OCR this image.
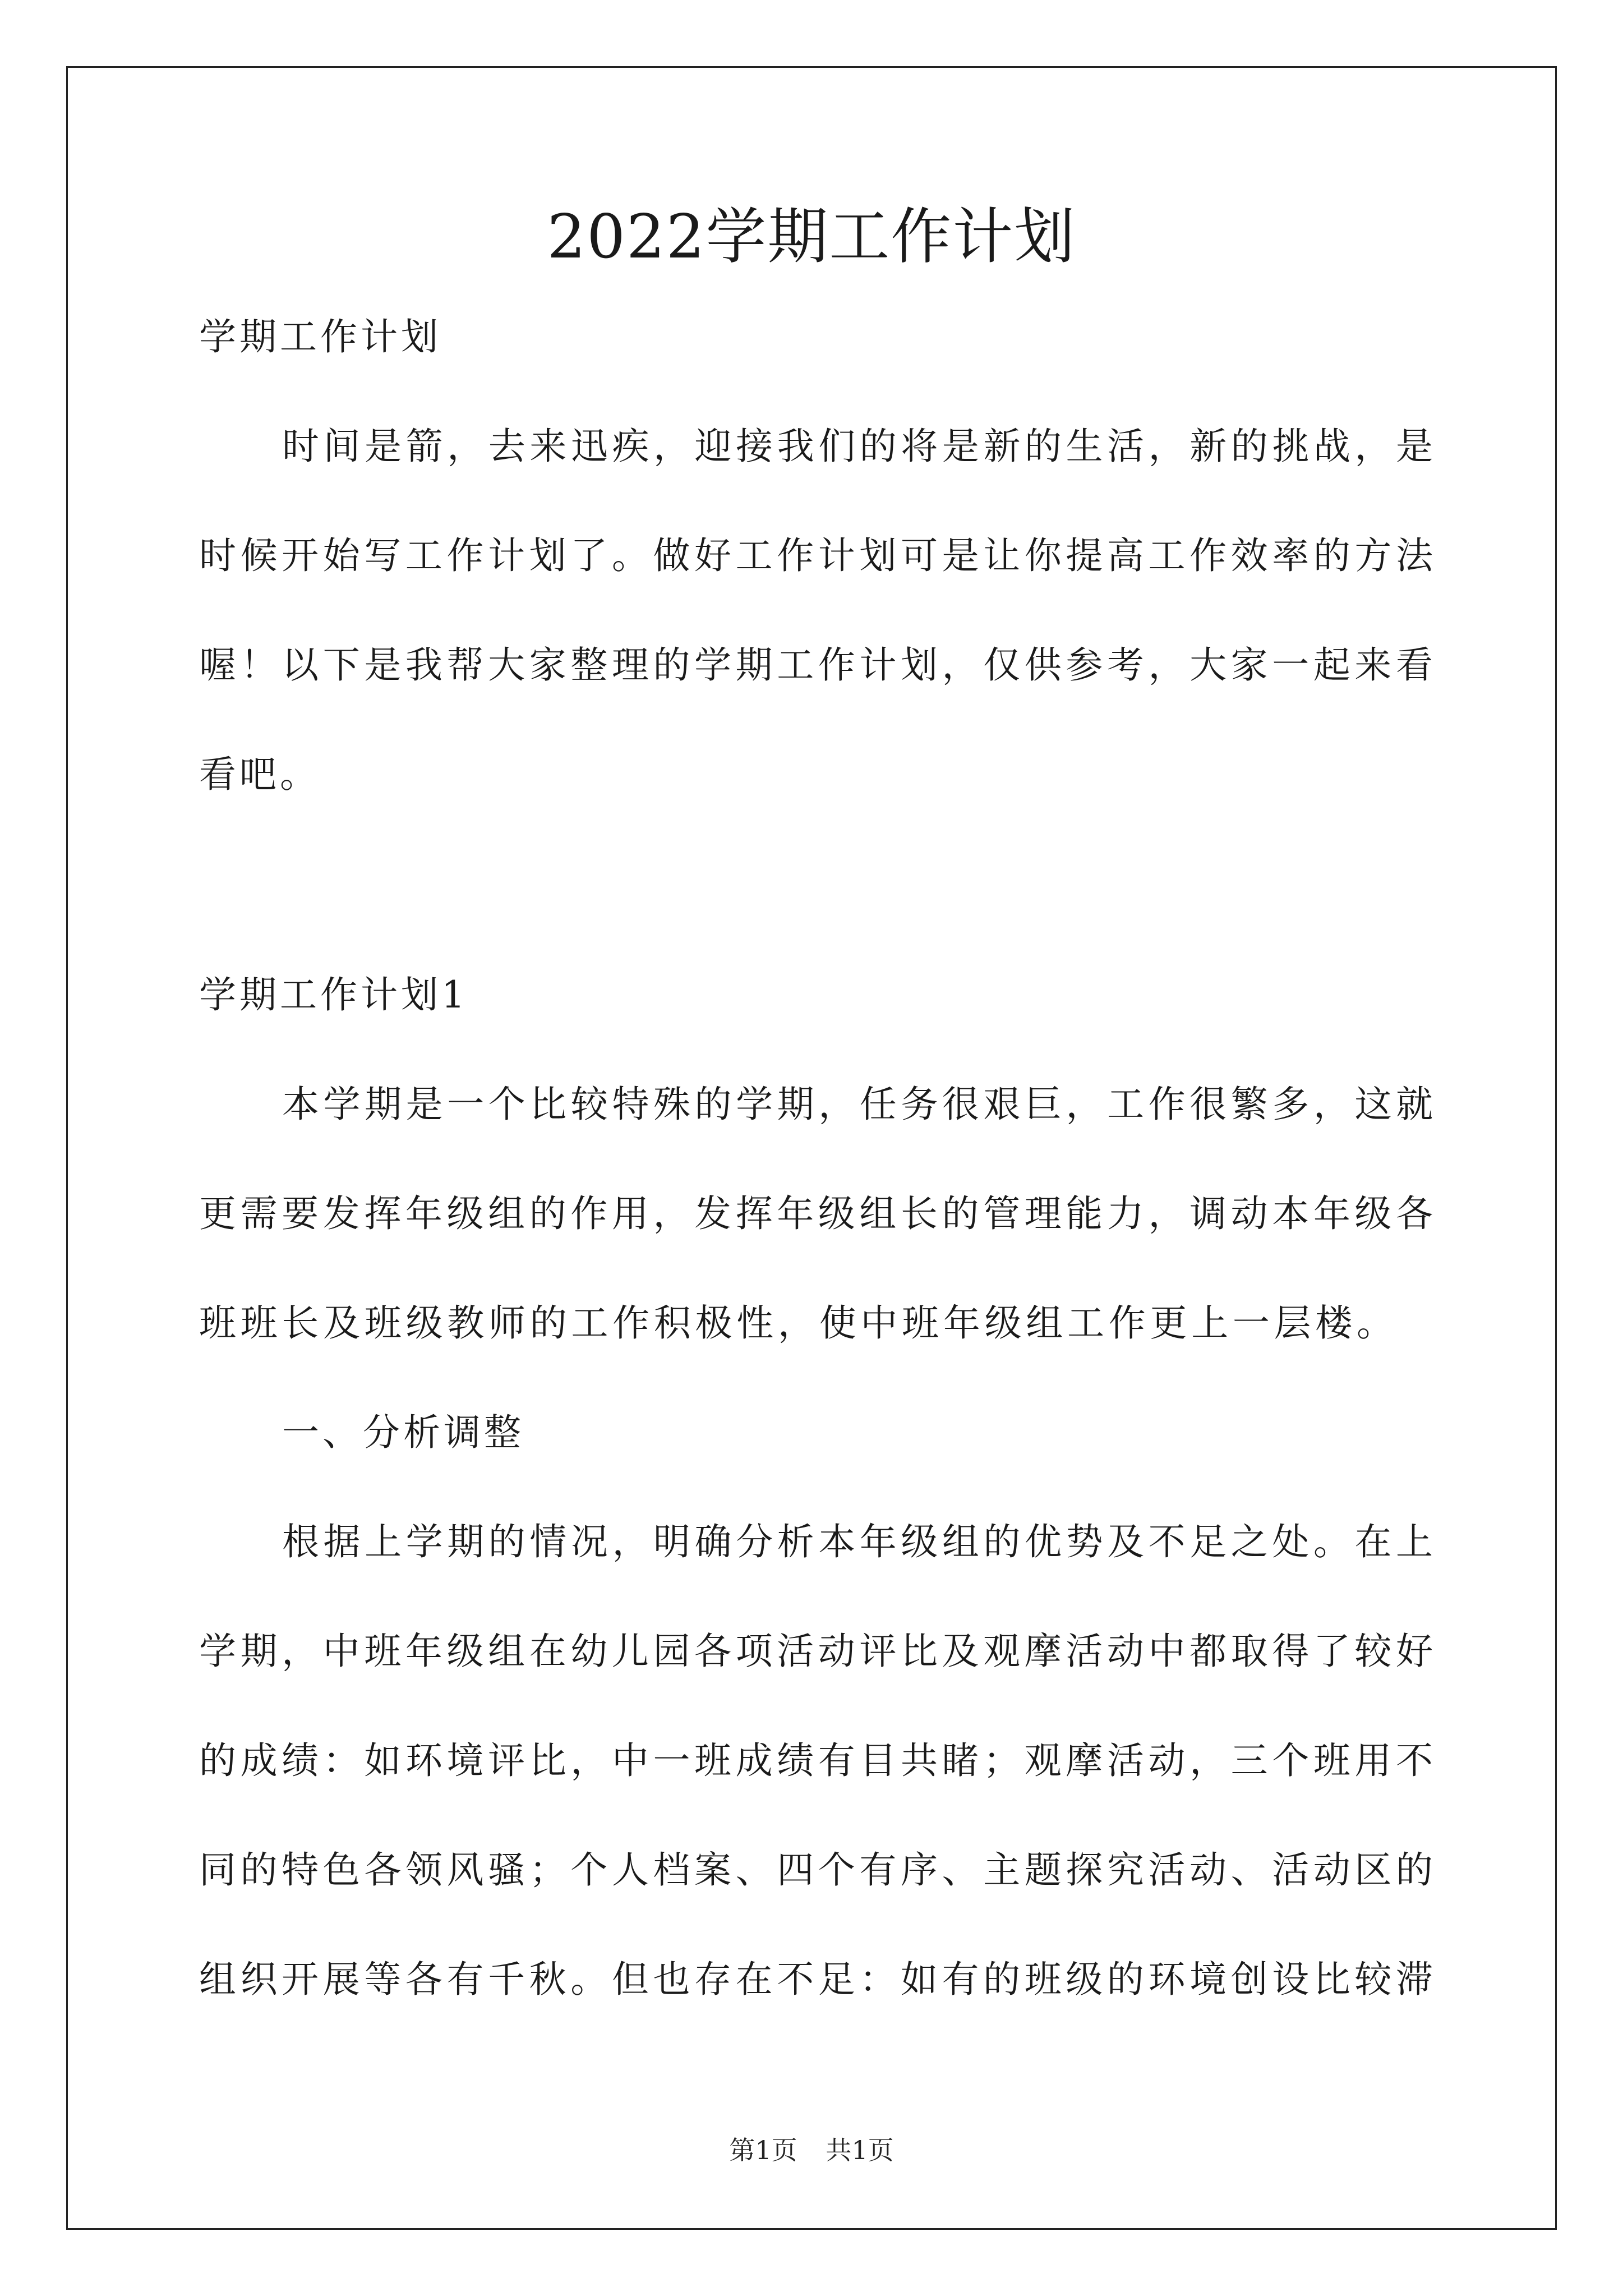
2022学期工作计划

学期工作计划

时间是箭，去来迅疾，迎接我们的将是新的生活，新的挑战，是

时候开始写工作计划了。做好工作计划可是让你提高工作效率的方法

喔！以下是我帮大家整理的学期工作计划，仅供参考，大家一起来看

看吧。

学期工作计划1

本学期是一个比较特殊的学期，任务很艰巨，工作很繁多，这就

更需要发挥年级组的作用，发挥年级组长的管理能力，调动本年级各

班班长及班级教师的工作积极性，使中班年级组工作更上一层楼。

一、分析调整

根据上学期的情况，明确分析本年级组的优势及不足之处。在上

学期，中班年级组在幼儿园各项活动评比及观摩活动中都取得了较好

的成绩：如环境评比，中一班成绩有目共睹；观摩活动，三个班用不

同的特色各领风骚；个人档案、四个有序、主题探究活动、活动区的

组织开展等各有千秋。但也存在不足：如有的班级的环境创设比较滞

第1页 共1页
